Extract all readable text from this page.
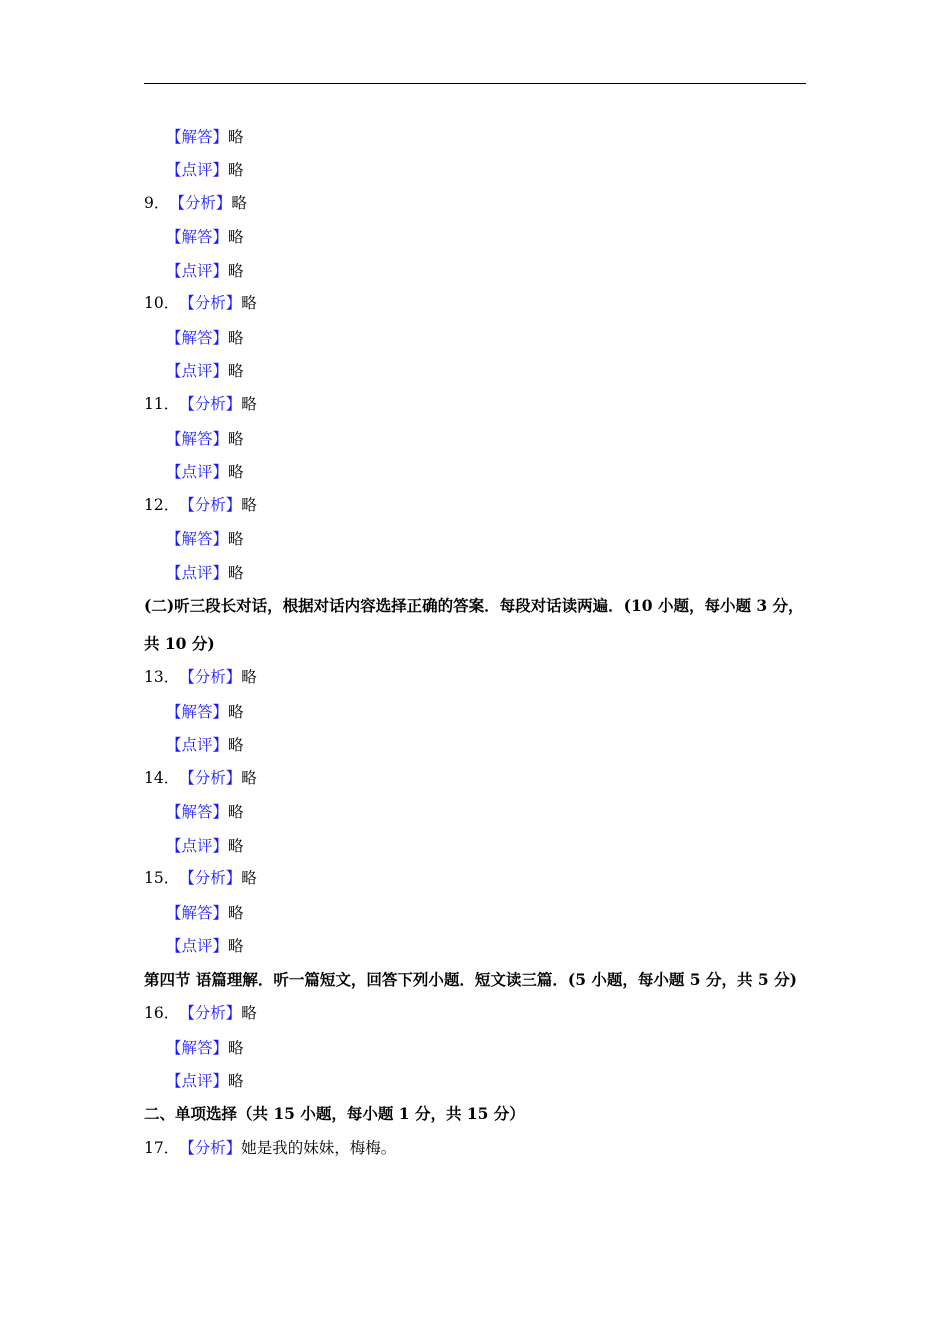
【解答】略
【点评】略
9．【分析】略
【解答】略
【点评】略
10．【分析】略
【解答】略
【点评】略
11．【分析】略
【解答】略
【点评】略
12．【分析】略
【解答】略
【点评】略
(二)听三段长对话，根据对话内容选择正确的答案．每段对话读两遍．(10 小题，每小题 3 分，
共 10 分)
13．【分析】略
【解答】略
【点评】略
14．【分析】略
【解答】略
【点评】略
15．【分析】略
【解答】略
【点评】略
第四节 语篇理解．听一篇短文，回答下列小题．短文读三篇．(5 小题，每小题 5 分，共 5 分)
16．【分析】略
【解答】略
【点评】略
二、单项选择（共 15 小题，每小题 1 分，共 15 分）
17．【分析】她是我的妹妹，梅梅。
